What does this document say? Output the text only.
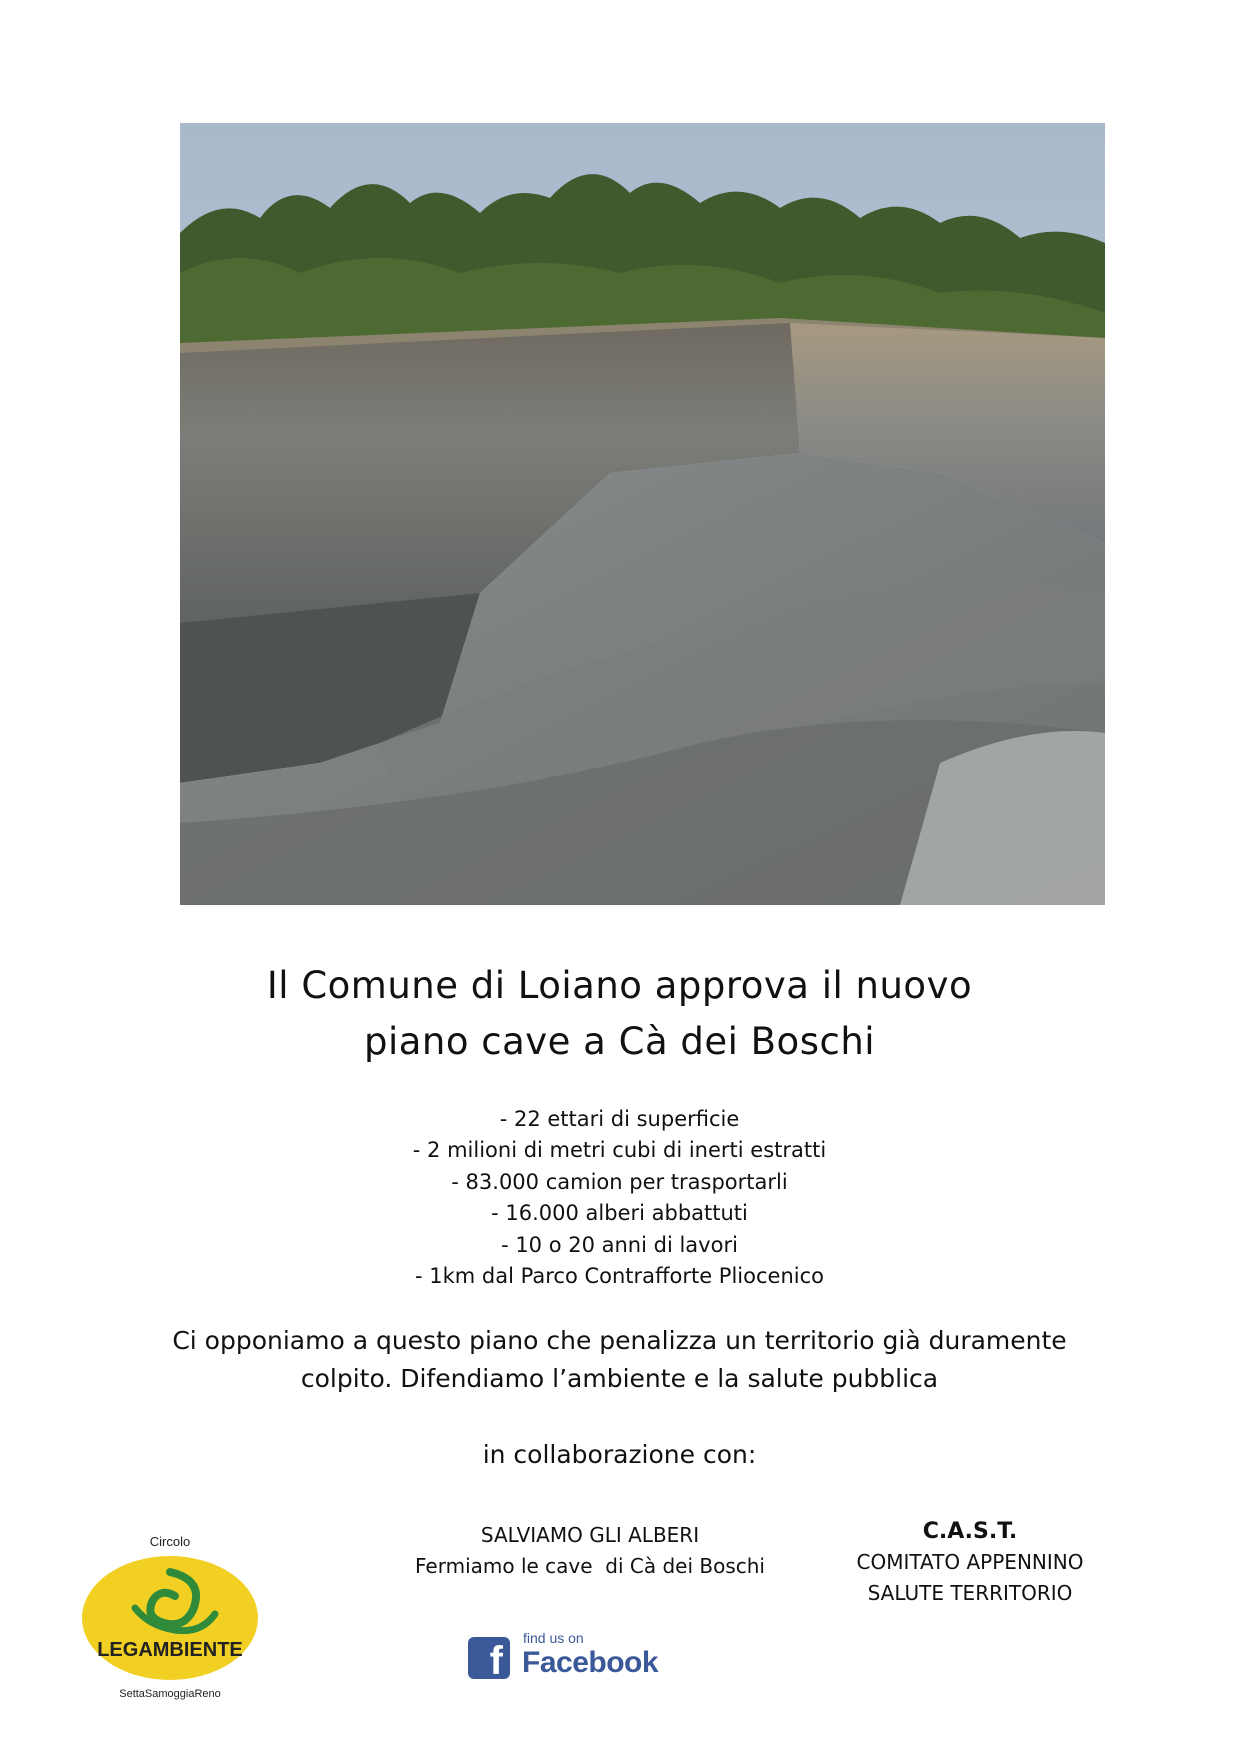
Il Comune di Loiano approva il nuovo
piano cave a Cà dei Boschi
- 22 ettari di superficie
- 2 milioni di metri cubi di inerti estratti
- 83.000 camion per trasportarli
- 16.000 alberi abbattuti
- 10 o 20 anni di lavori
- 1km dal Parco Contrafforte Pliocenico
Ci opponiamo a questo piano che penalizza un territorio già duramente
colpito. Difendiamo l’ambiente e la salute pubblica
in collaborazione con:
Circolo
LEGAMBIENTE
SettaSamoggiaReno
SALVIAMO GLI ALBERI
Fermiamo le cave  di Cà dei Boschi
f
find us on
Facebook
C.A.S.T.
COMITATO APPENNINO
SALUTE TERRITORIO
